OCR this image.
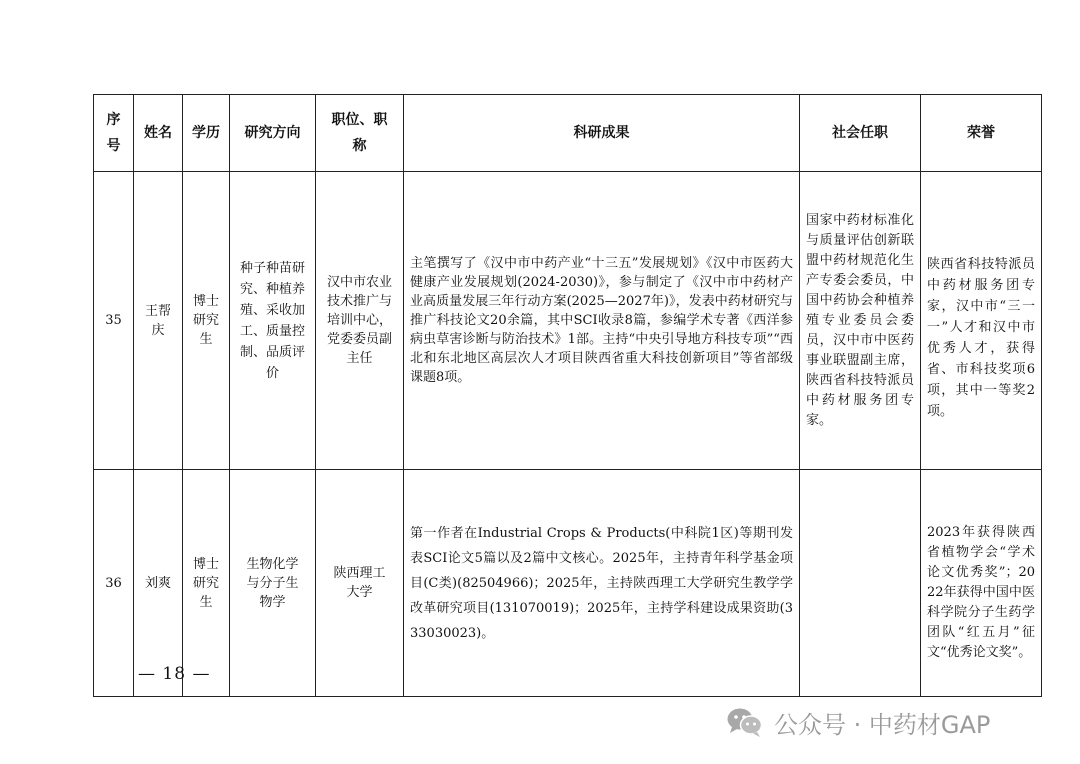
序号	姓名	学历	研究方向	职位、职称	科研成果	社会任职	荣誉
35	王帮庆	博士研究生	种子种苗研究、种植养殖、采收加工、质量控制、品质评价	汉中市农业技术推广与培训中心，党委委员副主任	主笔撰写了《汉中市中药产业“十三五”发展规划》《汉中市医药大健康产业发展规划(2024-2030)》，参与制定了《汉中市中药材产业高质量发展三年行动方案(2025—2027年)》，发表中药材研究与推广科技论文20余篇，其中SCI收录8篇，参编学术专著《西洋参病虫草害诊断与防治技术》1部。主持“中央引导地方科技专项”“西北和东北地区高层次人才项目陕西省重大科技创新项目”等省部级课题8项。	国家中药材标准化与质量评估创新联盟中药材规范化生产专委会委员，中国中药协会种植养殖专业委员会委员，汉中市中医药事业联盟副主席，陕西省科技特派员中药材服务团专家。	陕西省科技特派员中药材服务团专家，汉中市“三一一”人才和汉中市优秀人才，获得省、市科技奖项6项，其中一等奖2项。
36	刘爽	博士研究生	生物化学与分子生物学	陕西理工大学	第一作者在Industrial Crops & Products(中科院1区)等期刊发表SCI论文5篇以及2篇中文核心。2025年，主持青年科学基金项目(C类)(82504966)；2025年，主持陕西理工大学研究生教学学改革研究项目(131070019)；2025年，主持学科建设成果资助(333030023)。		2023年获得陕西省植物学会“学术论文优秀奖”；2022年获得中国中医科学院分子生药学团队“红五月”征文“优秀论文奖”。
— 18 —
公众号 · 中药材GAP
